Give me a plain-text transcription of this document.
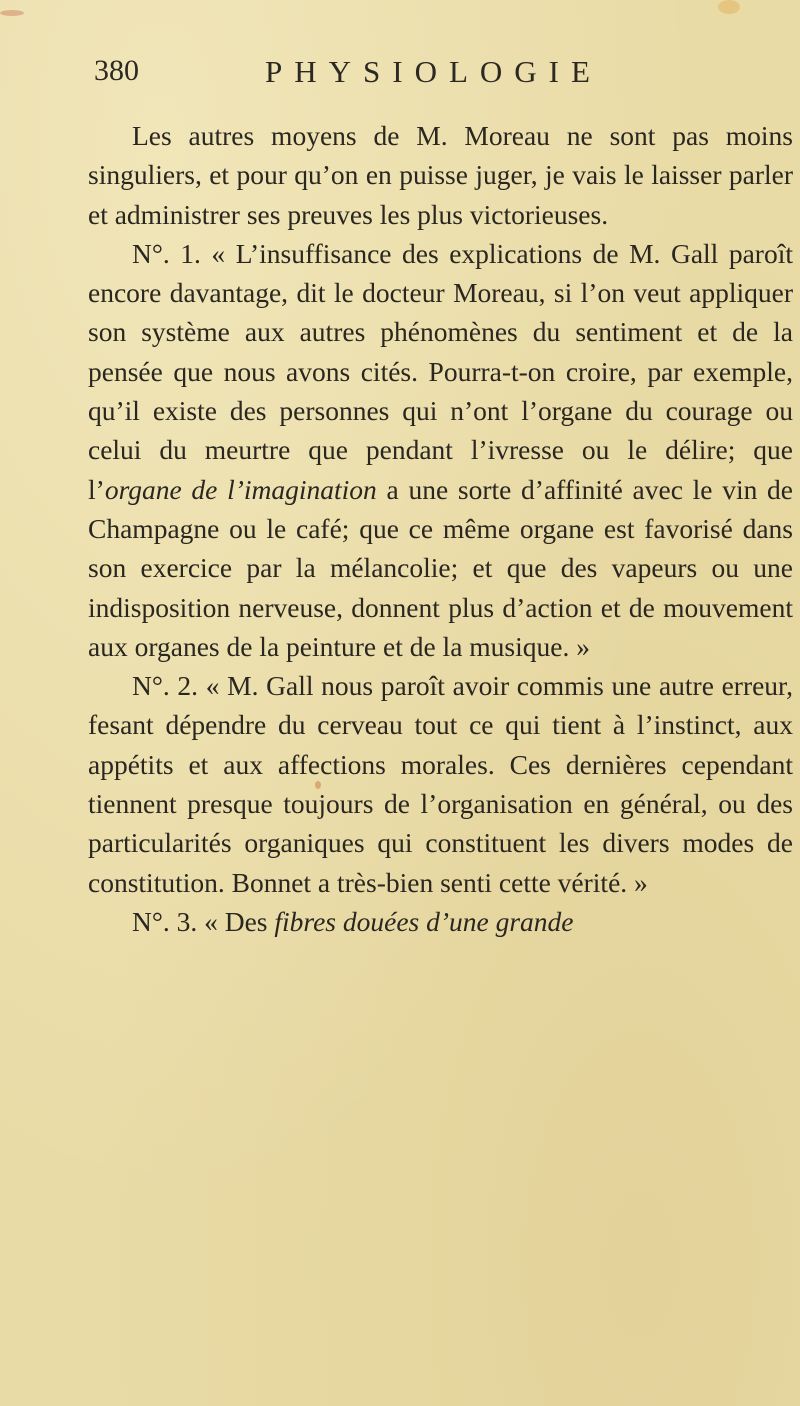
380	PHYSIOLOGIE

Les autres moyens de M. Moreau ne sont pas moins singuliers, et pour qu’on en puisse juger, je vais le laisser parler et administrer ses preuves les plus victorieuses.

N°. 1. « L’insuffisance des explications de M. Gall paroît encore davantage, dit le docteur Moreau, si l’on veut appliquer son système aux autres phénomènes du sentiment et de la pensée que nous avons cités. Pourra-t-on croire, par exemple, qu’il existe des personnes qui n’ont l’organe du courage ou celui du meurtre que pendant l’ivresse ou le délire; que l’organe de l’imagination a une sorte d’affinité avec le vin de Champagne ou le café; que ce même organe est favorisé dans son exercice par la mélancolie; et que des vapeurs ou une indisposition nerveuse, donnent plus d’action et de mouvement aux organes de la peinture et de la musique. »

N°. 2. « M. Gall nous paroît avoir commis une autre erreur, fesant dépendre du cerveau tout ce qui tient à l’instinct, aux appétits et aux affections morales. Ces dernières cependant tiennent presque toujours de l’organisation en général, ou des particularités organiques qui constituent les divers modes de constitution. Bonnet a très-bien senti cette vérité. »

N°. 3. « Des fibres douées d’une grande
